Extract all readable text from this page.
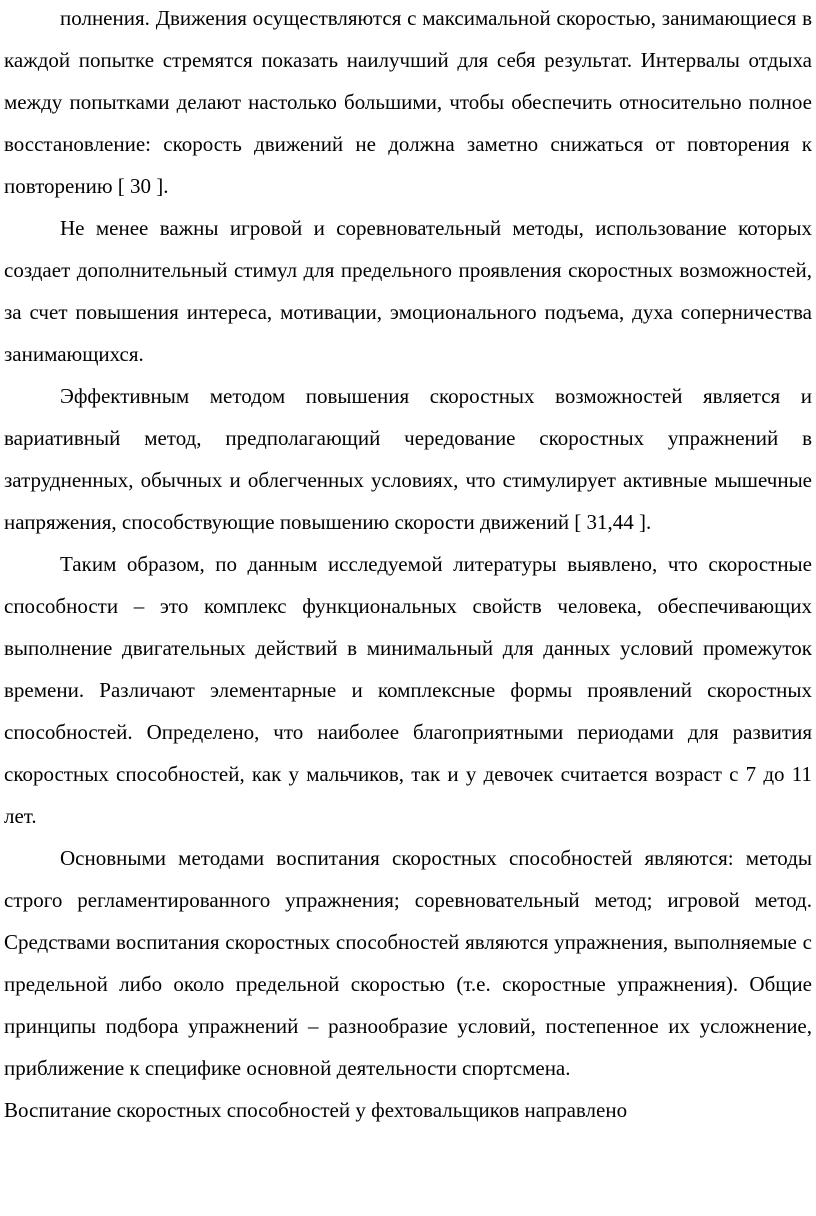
полнения. Движения осуществляются с максимальной скоростью, занимающиеся в каждой попытке стремятся показать наилучший для себя результат. Интервалы отдыха между попытками делают настолько большими, чтобы обеспечить относительно полное восстановление: скорость движений не должна заметно снижаться от повторения к повторению [ 30 ].

Не менее важны игровой и соревновательный методы, использование которых создает дополнительный стимул для предельного проявления скоростных возможностей, за счет повышения интереса, мотивации, эмоционального подъема, духа соперничества занимающихся.

Эффективным методом повышения скоростных возможностей является и вариативный метод, предполагающий чередование скоростных упражнений в затрудненных, обычных и облегченных условиях, что стимулирует активные мышечные напряжения, способствующие повышению скорости движений [ 31,44 ].

Таким образом, по данным исследуемой литературы выявлено, что скоростные способности – это комплекс функциональных свойств человека, обеспечивающих выполнение двигательных действий в минимальный для данных условий промежуток времени. Различают элементарные и комплексные формы проявлений скоростных способностей. Определено, что наиболее благоприятными периодами для развития скоростных способностей, как у мальчиков, так и у девочек считается возраст с 7 до 11 лет.

Основными методами воспитания скоростных способностей являются: методы строго регламентированного упражнения; соревновательный метод; игровой метод. Средствами воспитания скоростных способностей являются упражнения, выполняемые с предельной либо около предельной скоростью (т.е. скоростные упражнения). Общие принципы подбора упражнений – разнообразие условий, постепенное их усложнение, приближение к специфике основной деятельности спортсмена.

Воспитание скоростных способностей у фехтовальщиков направлено
